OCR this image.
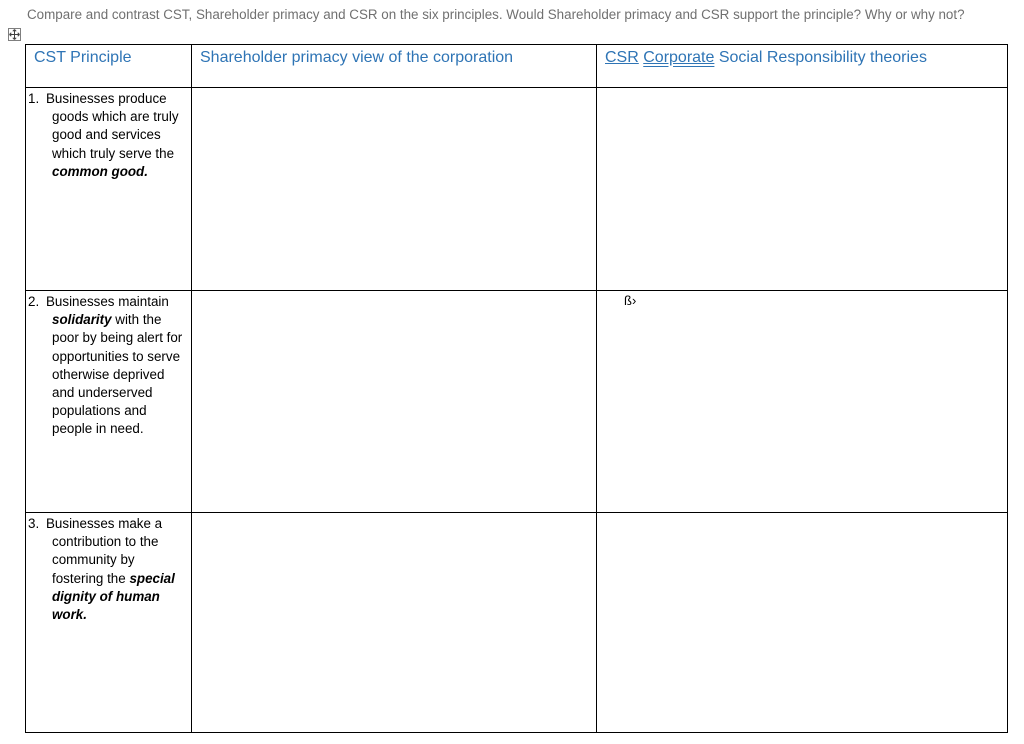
Compare and contrast CST, Shareholder primacy and CSR on the six principles. Would Shareholder primacy and CSR support the principle? Why or why not?
CST Principle	Shareholder primacy view of the corporation	CSR Corporate Social Responsibility theories
1. Businesses produce goods which are truly good and services which truly serve the common good.		
2. Businesses maintain solidarity with the poor by being alert for opportunities to serve otherwise deprived and underserved populations and people in need.		ß›
3. Businesses make a contribution to the community by fostering the special dignity of human work.		
